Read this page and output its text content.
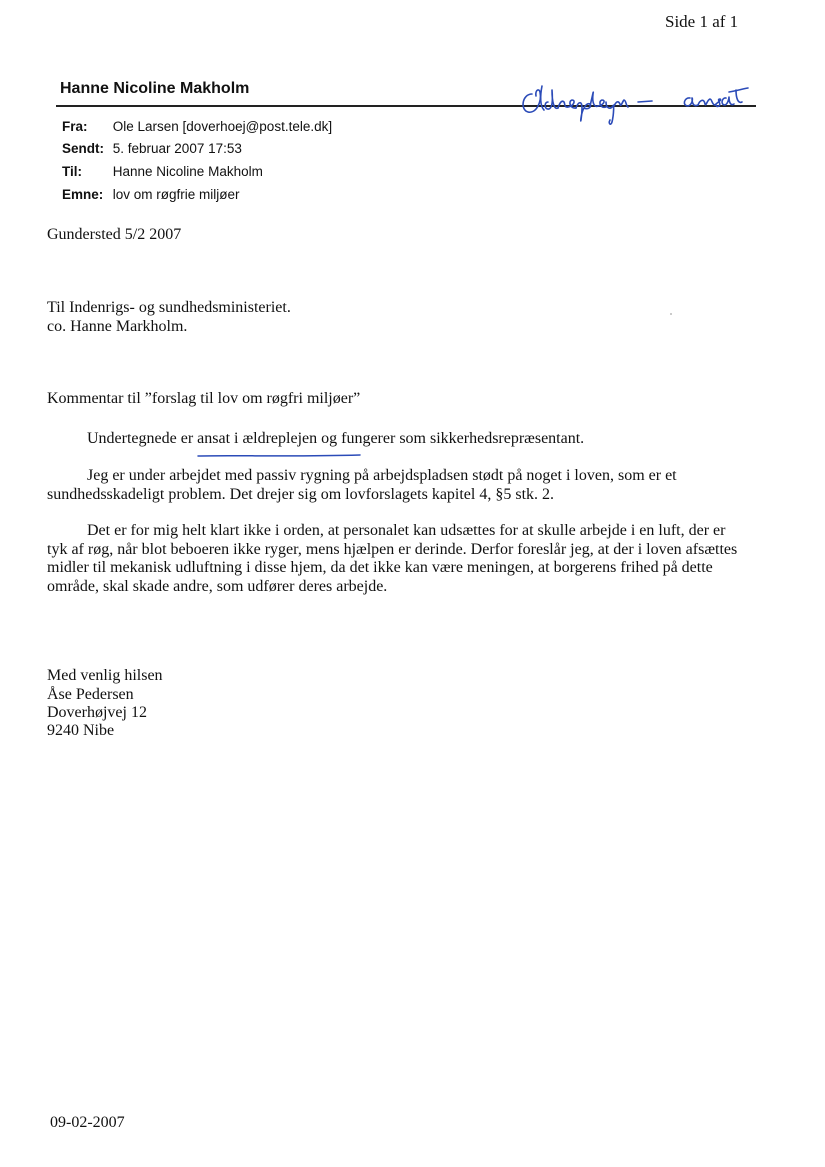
Side 1 af 1
Hanne Nicoline Makholm
Fra: Ole Larsen [doverhoej@post.tele.dk]
Sendt: 5. februar 2007 17:53
Til: Hanne Nicoline Makholm
Emne: lov om røgfrie miljøer
Gundersted 5/2 2007
Til Indenrigs- og sundhedsministeriet.
co. Hanne Markholm.
Kommentar til ”forslag til lov om røgfri miljøer”
Undertegnede er ansat i ældreplejen og fungerer som sikkerhedsrepræsentant.
Jeg er under arbejdet med passiv rygning på arbejdspladsen stødt på noget i loven, som er et sundhedsskadeligt problem. Det drejer sig om lovforslagets kapitel 4, §5 stk. 2.
Det er for mig helt klart ikke i orden, at personalet kan udsættes for at skulle arbejde i en luft, der er tyk af røg, når blot beboeren ikke ryger, mens hjælpen er derinde. Derfor foreslår jeg, at der i loven afsættes midler til mekanisk udluftning i disse hjem, da det ikke kan være meningen, at borgerens frihed på dette område, skal skade andre, som udfører deres arbejde.
Med venlig hilsen
Åse Pedersen
Doverhøjvej 12
9240 Nibe
09-02-2007
